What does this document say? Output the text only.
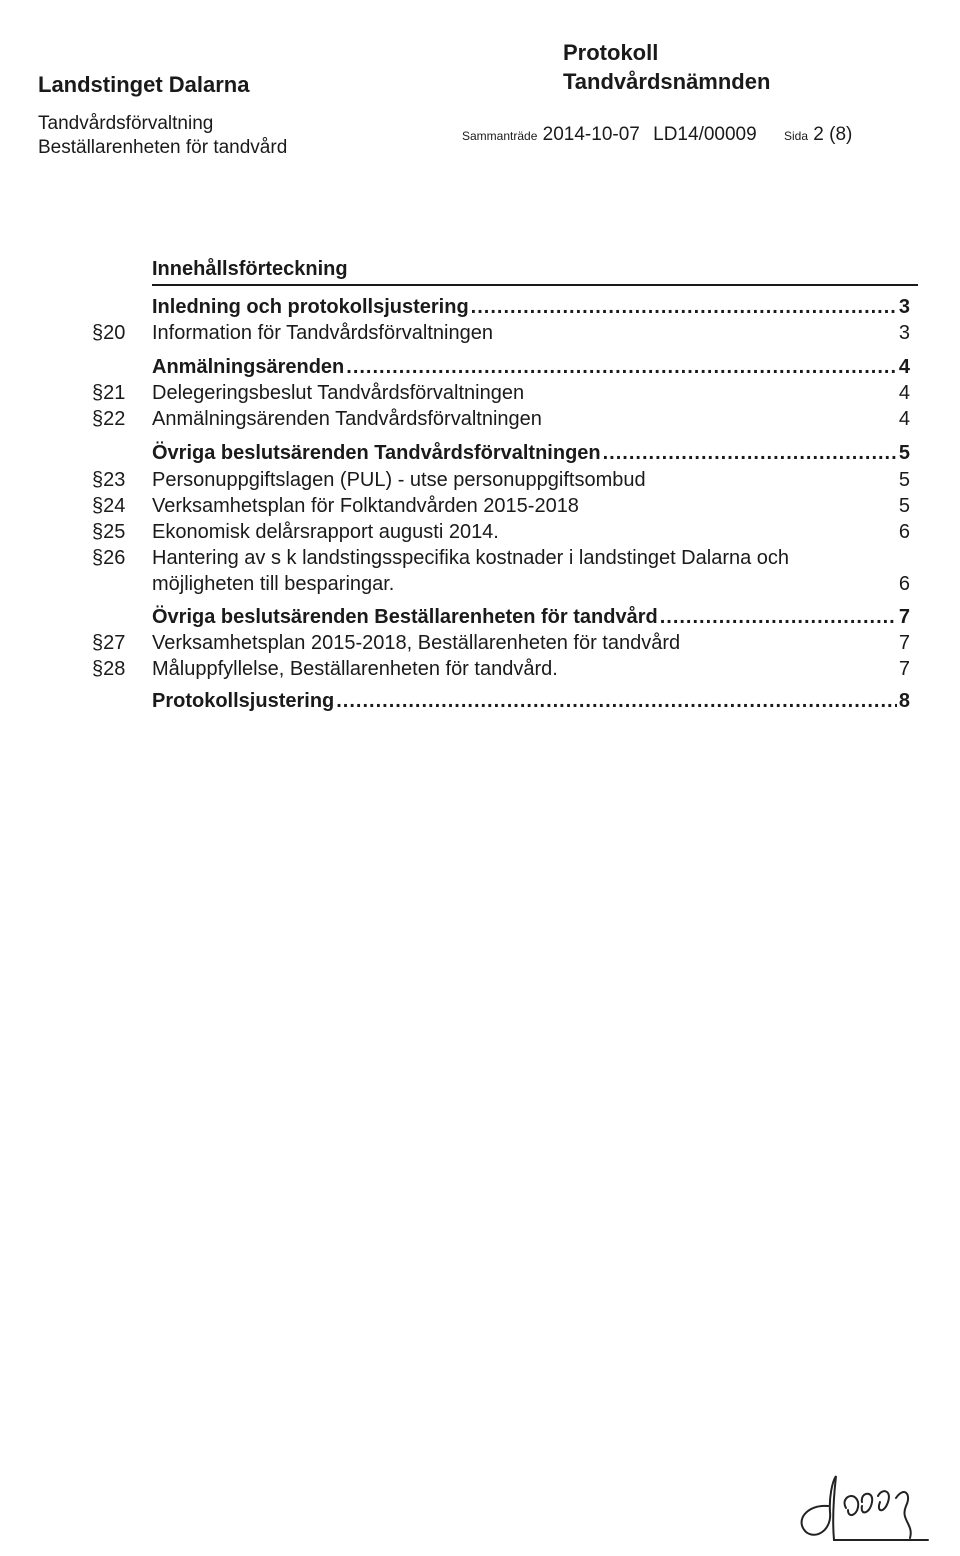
Landstinget Dalarna
Tandvårdsförvaltning
Beställarenheten för tandvård
Protokoll
Tandvårdsnämnden
Sammanträde 2014-10-07 LD14/00009 Sida 2 (8)
Innehållsförteckning
Inledning och protokollsjustering .....	3
§20 Information för Tandvårdsförvaltningen	3
Anmälningsärenden .....	4
§21 Delegeringsbeslut Tandvårdsförvaltningen	4
§22 Anmälningsärenden Tandvårdsförvaltningen	4
Övriga beslutsärenden Tandvårdsförvaltningen .....	5
§23 Personuppgiftslagen (PUL) - utse personuppgiftsombud	5
§24 Verksamhetsplan för Folktandvården 2015-2018	5
§25 Ekonomisk delårsrapport augusti 2014.	6
§26 Hantering av s k landstingsspecifika kostnader i landstinget Dalarna och
möjligheten till besparingar.	6
Övriga beslutsärenden Beställarenheten för tandvård .....	7
§27 Verksamhetsplan 2015-2018, Beställarenheten för tandvård	7
§28 Måluppfyllelse, Beställarenheten för tandvård.	7
Protokollsjustering .....	8
